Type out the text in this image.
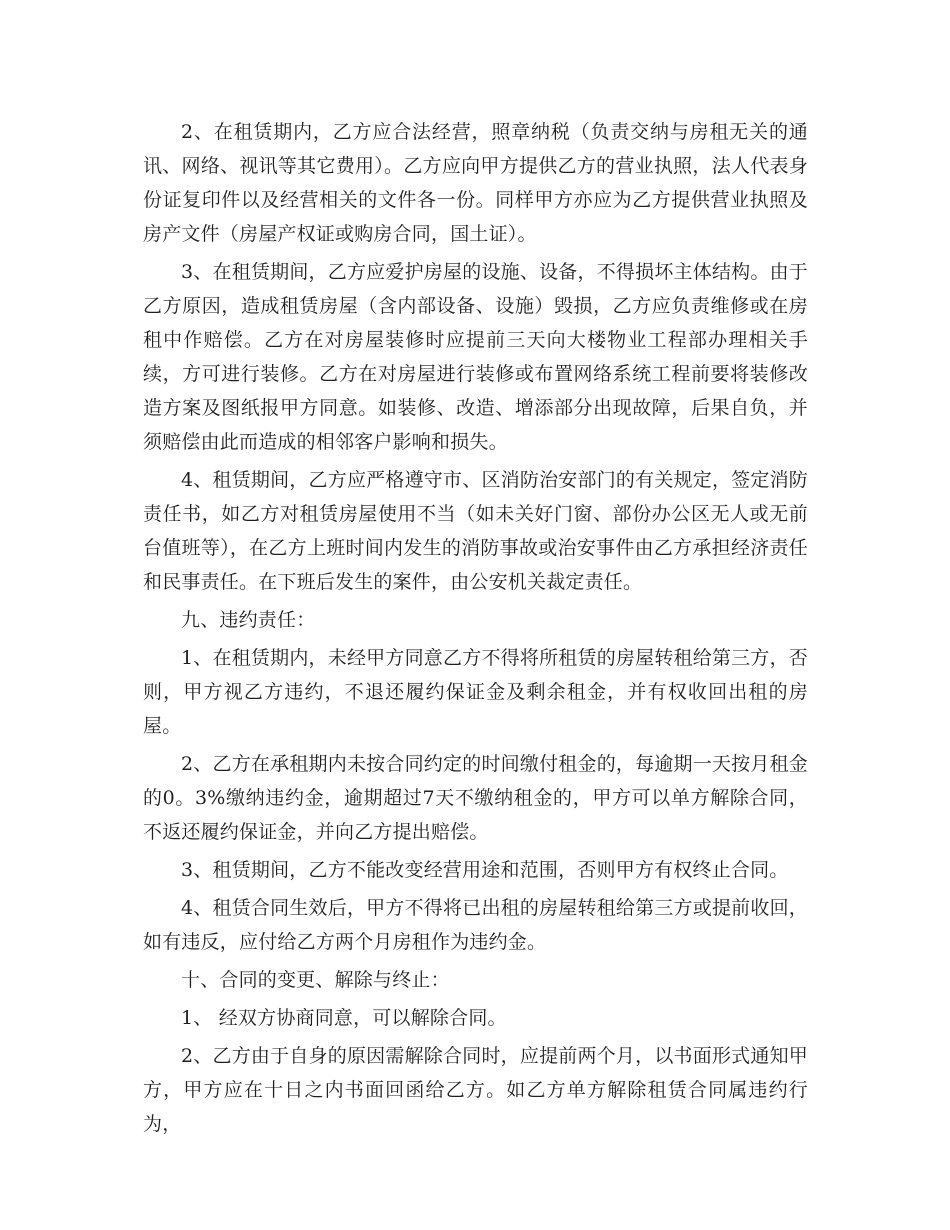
2、在租赁期内，乙方应合法经营，照章纳税（负责交纳与房租无关的通讯、网络、视讯等其它费用）。乙方应向甲方提供乙方的营业执照，法人代表身份证复印件以及经营相关的文件各一份。同样甲方亦应为乙方提供营业执照及房产文件（房屋产权证或购房合同，国土证）。

3、在租赁期间，乙方应爱护房屋的设施、设备，不得损坏主体结构。由于乙方原因，造成租赁房屋（含内部设备、设施）毁损，乙方应负责维修或在房租中作赔偿。乙方在对房屋装修时应提前三天向大楼物业工程部办理相关手续，方可进行装修。乙方在对房屋进行装修或布置网络系统工程前要将装修改造方案及图纸报甲方同意。如装修、改造、增添部分出现故障，后果自负，并须赔偿由此而造成的相邻客户影响和损失。

4、租赁期间，乙方应严格遵守市、区消防治安部门的有关规定，签定消防责任书，如乙方对租赁房屋使用不当（如未关好门窗、部份办公区无人或无前台值班等），在乙方上班时间内发生的消防事故或治安事件由乙方承担经济责任和民事责任。在下班后发生的案件，由公安机关裁定责任。

九、违约责任：

1、在租赁期内，未经甲方同意乙方不得将所租赁的房屋转租给第三方，否则，甲方视乙方违约，不退还履约保证金及剩余租金，并有权收回出租的房屋。

2、乙方在承租期内未按合同约定的时间缴付租金的，每逾期一天按月租金的0。3%缴纳违约金，逾期超过7天不缴纳租金的，甲方可以单方解除合同，不返还履约保证金，并向乙方提出赔偿。

3、租赁期间，乙方不能改变经营用途和范围，否则甲方有权终止合同。

4、租赁合同生效后，甲方不得将已出租的房屋转租给第三方或提前收回，如有违反，应付给乙方两个月房租作为违约金。

十、合同的变更、解除与终止：

1、 经双方协商同意，可以解除合同。

2、乙方由于自身的原因需解除合同时，应提前两个月，以书面形式通知甲方，甲方应在十日之内书面回函给乙方。如乙方单方解除租赁合同属违约行为，
